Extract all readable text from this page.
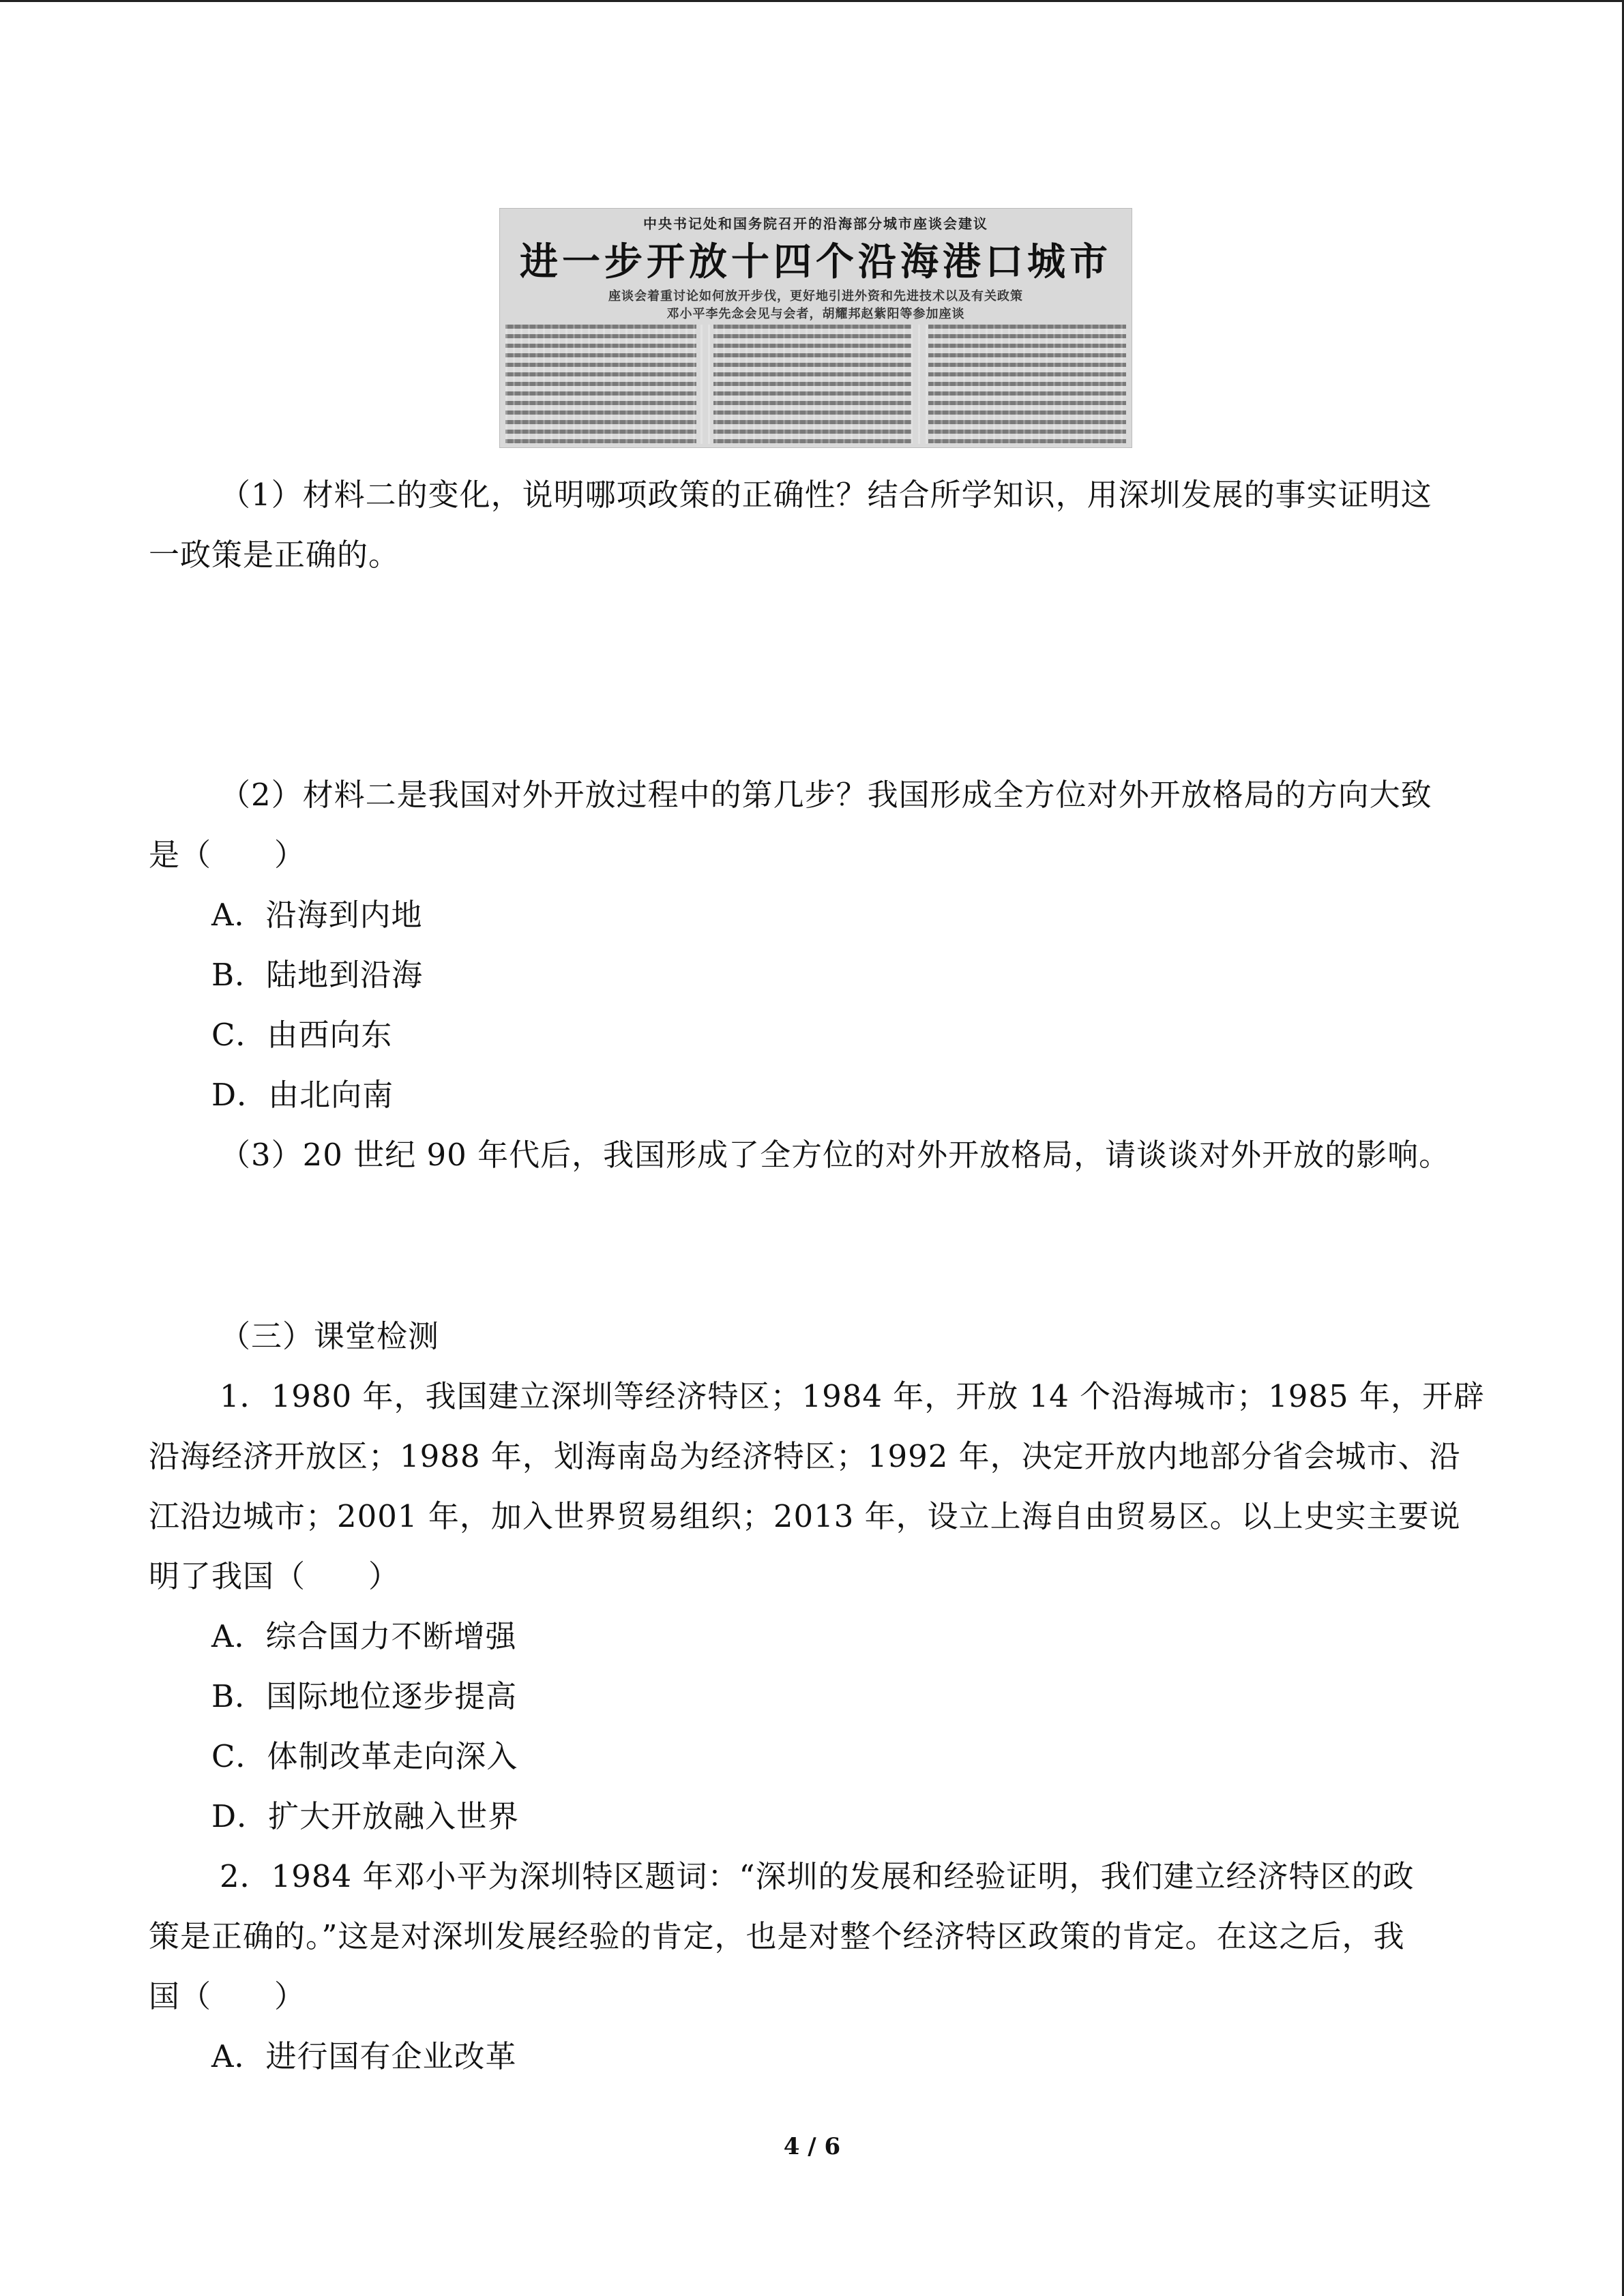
中央书记处和国务院召开的沿海部分城市座谈会建议
进一步开放十四个沿海港口城市
座谈会着重讨论如何放开步伐，更好地引进外资和先进技术以及有关政策
邓小平李先念会见与会者，胡耀邦赵紫阳等参加座谈
（1）材料二的变化，说明哪项政策的正确性？结合所学知识，用深圳发展的事实证明这
一政策是正确的。
（2）材料二是我国对外开放过程中的第几步？我国形成全方位对外开放格局的方向大致
是（　　）
A．沿海到内地
B．陆地到沿海
C．由西向东
D．由北向南
（3）20 世纪 90 年代后，我国形成了全方位的对外开放格局，请谈谈对外开放的影响。
（三）课堂检测
1．1980 年，我国建立深圳等经济特区；1984 年，开放 14 个沿海城市；1985 年，开辟
沿海经济开放区；1988 年，划海南岛为经济特区；1992 年，决定开放内地部分省会城市、沿
江沿边城市；2001 年，加入世界贸易组织；2013 年，设立上海自由贸易区。以上史实主要说
明了我国（　　）
A．综合国力不断增强
B．国际地位逐步提高
C．体制改革走向深入
D．扩大开放融入世界
2．1984 年邓小平为深圳特区题词：“深圳的发展和经验证明，我们建立经济特区的政
策是正确的。”这是对深圳发展经验的肯定，也是对整个经济特区政策的肯定。在这之后，我
国（　　）
A．进行国有企业改革
4 / 6
